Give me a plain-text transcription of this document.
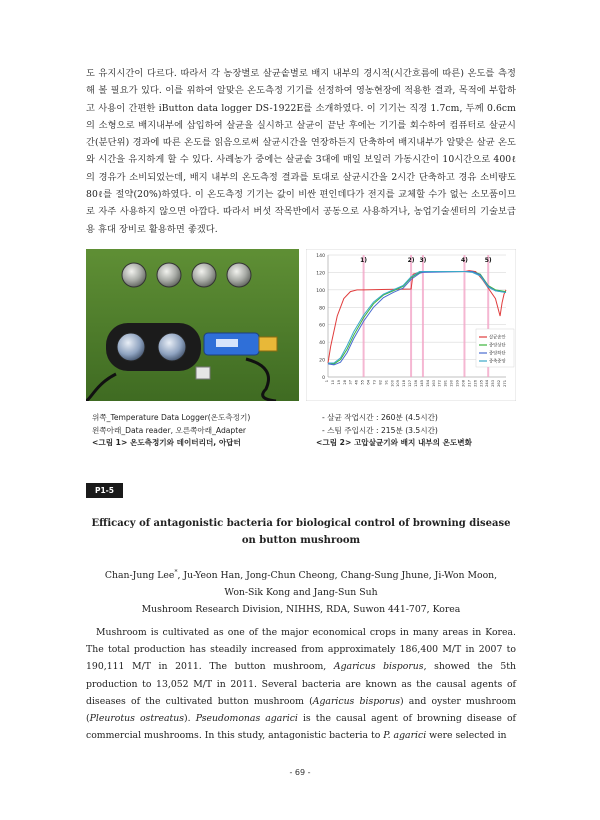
도 유지시간이 다르다. 따라서 각 농장별로 살균솥별로 배지 내부의 경시적(시간흐름에 따른) 온도를 측정해 볼 필요가 있다. 이를 위하여 알맞은 온도측정 기기를 선정하여 영농현장에 적용한 결과, 목적에 부합하고 사용이 간편한 iButton data logger DS-1922E를 소개하였다. 이 기기는 직경 1.7cm, 두께 0.6cm의 소형으로 배지내부에 삽입하여 살균을 실시하고 살균이 끝난 후에는 기기를 회수하여 컴퓨터로 살균시간(분단위) 경과에 따른 온도를 읽음으로써 살균시간을 연장하든지 단축하여 배지내부가 알맞은 살균 온도와 시간을 유지하게 할 수 있다. 사례농가 중에는 살균솥 3대에 매일 보일러 가동시간이 10시간으로 400ℓ의 경유가 소비되었는데, 배지 내부의 온도측정 결과를 토대로 살균시간을 2시간 단축하고 경유 소비량도 80ℓ를 절약(20%)하였다. 이 온도측정 기기는 값이 비싼 편인데다가 전지를 교체할 수가 없는 소모품이므로 자주 사용하지 않으면 아깝다. 따라서 버섯 작목반에서 공동으로 사용하거나, 농업기술센터의 기술보급용 휴대 장비로 활용하면 좋겠다.

0
20
40
60
80
100
120
140
1 10 19 28 37 46 55 64 73 82 91 100 109 118 127 136 145 154 163 172 181 190 199 208 217 226 235 244 253 262 271
1)	2) 3)	4)	5)
살균솥안
중앙상단
중앙하단
중축중앙
위쪽_Temperature Data Logger(온도측정기)
왼쪽아래_Data reader, 오른쪽아래_Adapter
<그림 1> 온도측정기와 데이터리더, 아답터
- 살균 작업시간 : 260분 (4.5시간)
- 스팀 주입시간 : 215분 (3.5시간)
<그림 2> 고압살균기와 배지 내부의 온도변화
P1-5
Efficacy of antagonistic bacteria for biological control of browning disease
on button mushroom
Chan-Jung Lee*, Ju-Yeon Han, Jong-Chun Cheong, Chang-Sung Jhune, Ji-Won Moon,
Won-Sik Kong and Jang-Sun Suh
Mushroom Research Division, NIHHS, RDA, Suwon 441-707, Korea

Mushroom is cultivated as one of the major economical crops in many areas in Korea. The total production has steadily increased from approximately 186,400 M/T in 2007 to 190,111 M/T in 2011. The button mushroom, Agaricus bisporus, showed the 5th production to 13,052 M/T in 2011. Several bacteria are known as the causal agents of diseases of the cultivated button mushroom (Agaricus bisporus) and oyster mushroom (Pleurotus ostreatus). Pseudomonas agarici is the causal agent of browning disease of commercial mushrooms. In this study, antagonistic bacteria to P. agarici were selected in

- 69 -
